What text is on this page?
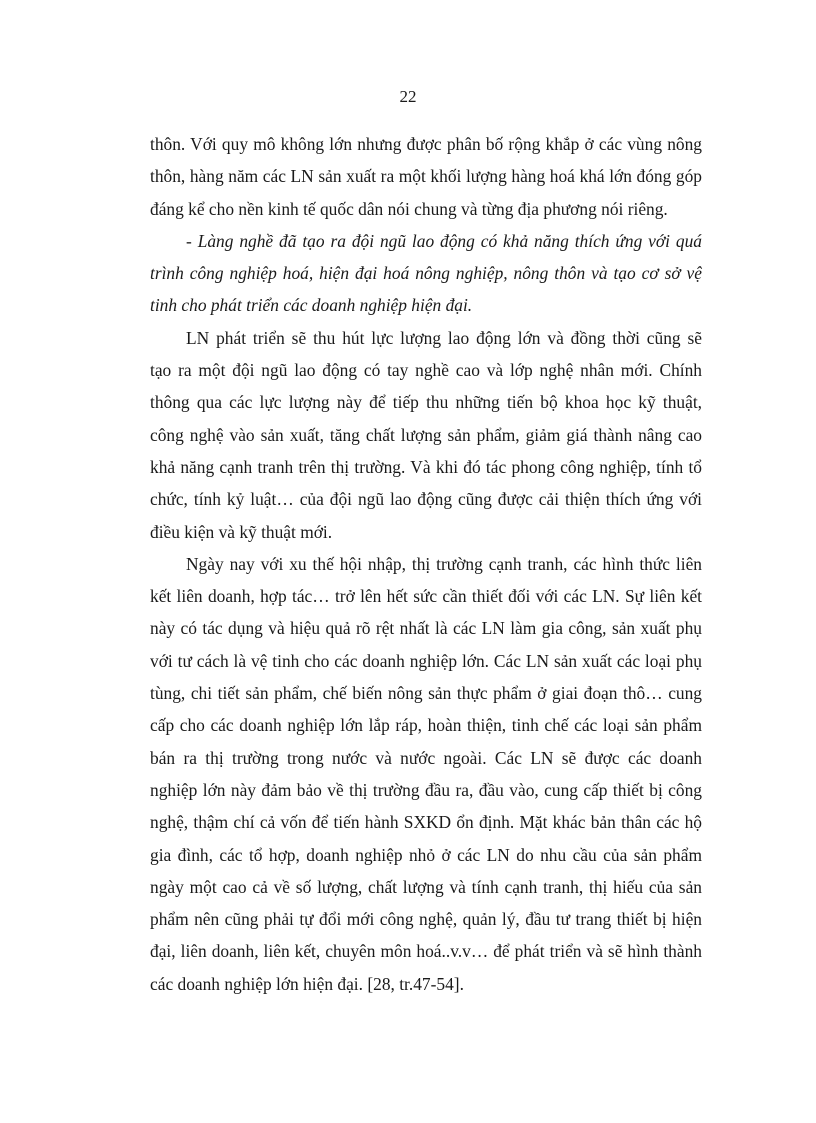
22
thôn. Với quy mô không lớn nhưng được phân bố rộng khắp ở các vùng nông
thôn, hàng năm các LN sản xuất ra một khối lượng hàng hoá khá lớn đóng góp
đáng kể cho nền kinh tế quốc dân nói chung và từng địa phương nói riêng.
- Làng nghề đã tạo ra đội ngũ lao động có khả năng thích ứng với quá
trình công nghiệp hoá, hiện đại hoá nông nghiệp, nông thôn và tạo cơ sở vệ
tinh cho phát triển các doanh nghiệp hiện đại.
LN phát triển sẽ thu hút lực lượng lao động lớn và đồng thời cũng sẽ
tạo ra một đội ngũ lao động có tay nghề cao và lớp nghệ nhân mới. Chính
thông qua các lực lượng này để tiếp thu những tiến bộ khoa học kỹ thuật,
công nghệ vào sản xuất, tăng chất lượng sản phẩm, giảm giá thành nâng cao
khả năng cạnh tranh trên thị trường. Và khi đó tác phong công nghiệp, tính tổ
chức, tính kỷ luật… của đội ngũ lao động cũng được cải thiện thích ứng với
điều kiện và kỹ thuật mới.
Ngày nay với xu thế hội nhập, thị trường cạnh tranh, các hình thức liên
kết liên doanh, hợp tác… trở lên hết sức cần thiết đối với các LN. Sự liên kết
này có tác dụng và hiệu quả rõ rệt nhất là các LN làm gia công, sản xuất phụ
với tư cách là vệ tinh cho các doanh nghiệp lớn. Các LN sản xuất các loại phụ
tùng, chi tiết sản phẩm, chế biến nông sản thực phẩm ở giai đoạn thô… cung
cấp cho các doanh nghiệp lớn lắp ráp, hoàn thiện, tinh chế các loại sản phẩm
bán ra thị trường trong nước và nước ngoài. Các LN sẽ được các doanh
nghiệp lớn này đảm bảo về thị trường đầu ra, đầu vào, cung cấp thiết bị công
nghệ, thậm chí cả vốn để tiến hành SXKD ổn định. Mặt khác bản thân các hộ
gia đình, các tổ hợp, doanh nghiệp nhỏ ở các LN do nhu cầu của sản phẩm
ngày một cao cả về số lượng, chất lượng và tính cạnh tranh, thị hiếu của sản
phẩm nên cũng phải tự đổi mới công nghệ, quản lý, đầu tư trang thiết bị hiện
đại, liên doanh, liên kết, chuyên môn hoá..v.v… để phát triển và sẽ hình thành
các doanh nghiệp lớn hiện đại. [28, tr.47-54].
